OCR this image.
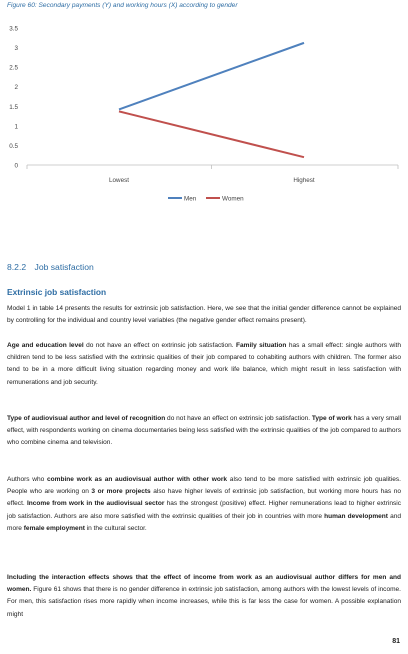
Figure 60: Secondary payments (Y) and working hours (X) according to gender
0
0.5
1
1.5
2
2.5
3
3.5
Lowest	Highest
Men	Women
8.2.2 Job satisfaction
Extrinsic job satisfaction
Model 1 in table 14 presents the results for extrinsic job satisfaction. Here, we see that the initial gender difference cannot be explained by controlling for the individual and country level variables (the negative gender effect remains present).
Age and education level do not have an effect on extrinsic job satisfaction. Family situation has a small effect: single authors with children tend to be less satisfied with the extrinsic qualities of their job compared to cohabiting authors with children. The former also tend to be in a more difficult living situation regarding money and work life balance, which might result in less satisfaction with remunerations and job security.
Type of audiovisual author and level of recognition do not have an effect on extrinsic job satisfaction. Type of work has a very small effect, with respondents working on cinema documentaries being less satisfied with the extrinsic qualities of the job compared to authors who combine cinema and television.
Authors who combine work as an audiovisual author with other work also tend to be more satisfied with extrinsic job qualities. People who are working on 3 or more projects also have higher levels of extrinsic job satisfaction, but working more hours has no effect. Income from work in the audiovisual sector has the strongest (positive) effect. Higher remunerations lead to higher extrinsic job satisfaction. Authors are also more satisfied with the extrinsic qualities of their job in countries with more human development and more female employment in the cultural sector.
Including the interaction effects shows that the effect of income from work as an audiovisual author differs for men and women. Figure 61 shows that there is no gender difference in extrinsic job satisfaction, among authors with the lowest levels of income. For men, this satisfaction rises more rapidly when income increases, while this is far less the case for women. A possible explanation might
81
